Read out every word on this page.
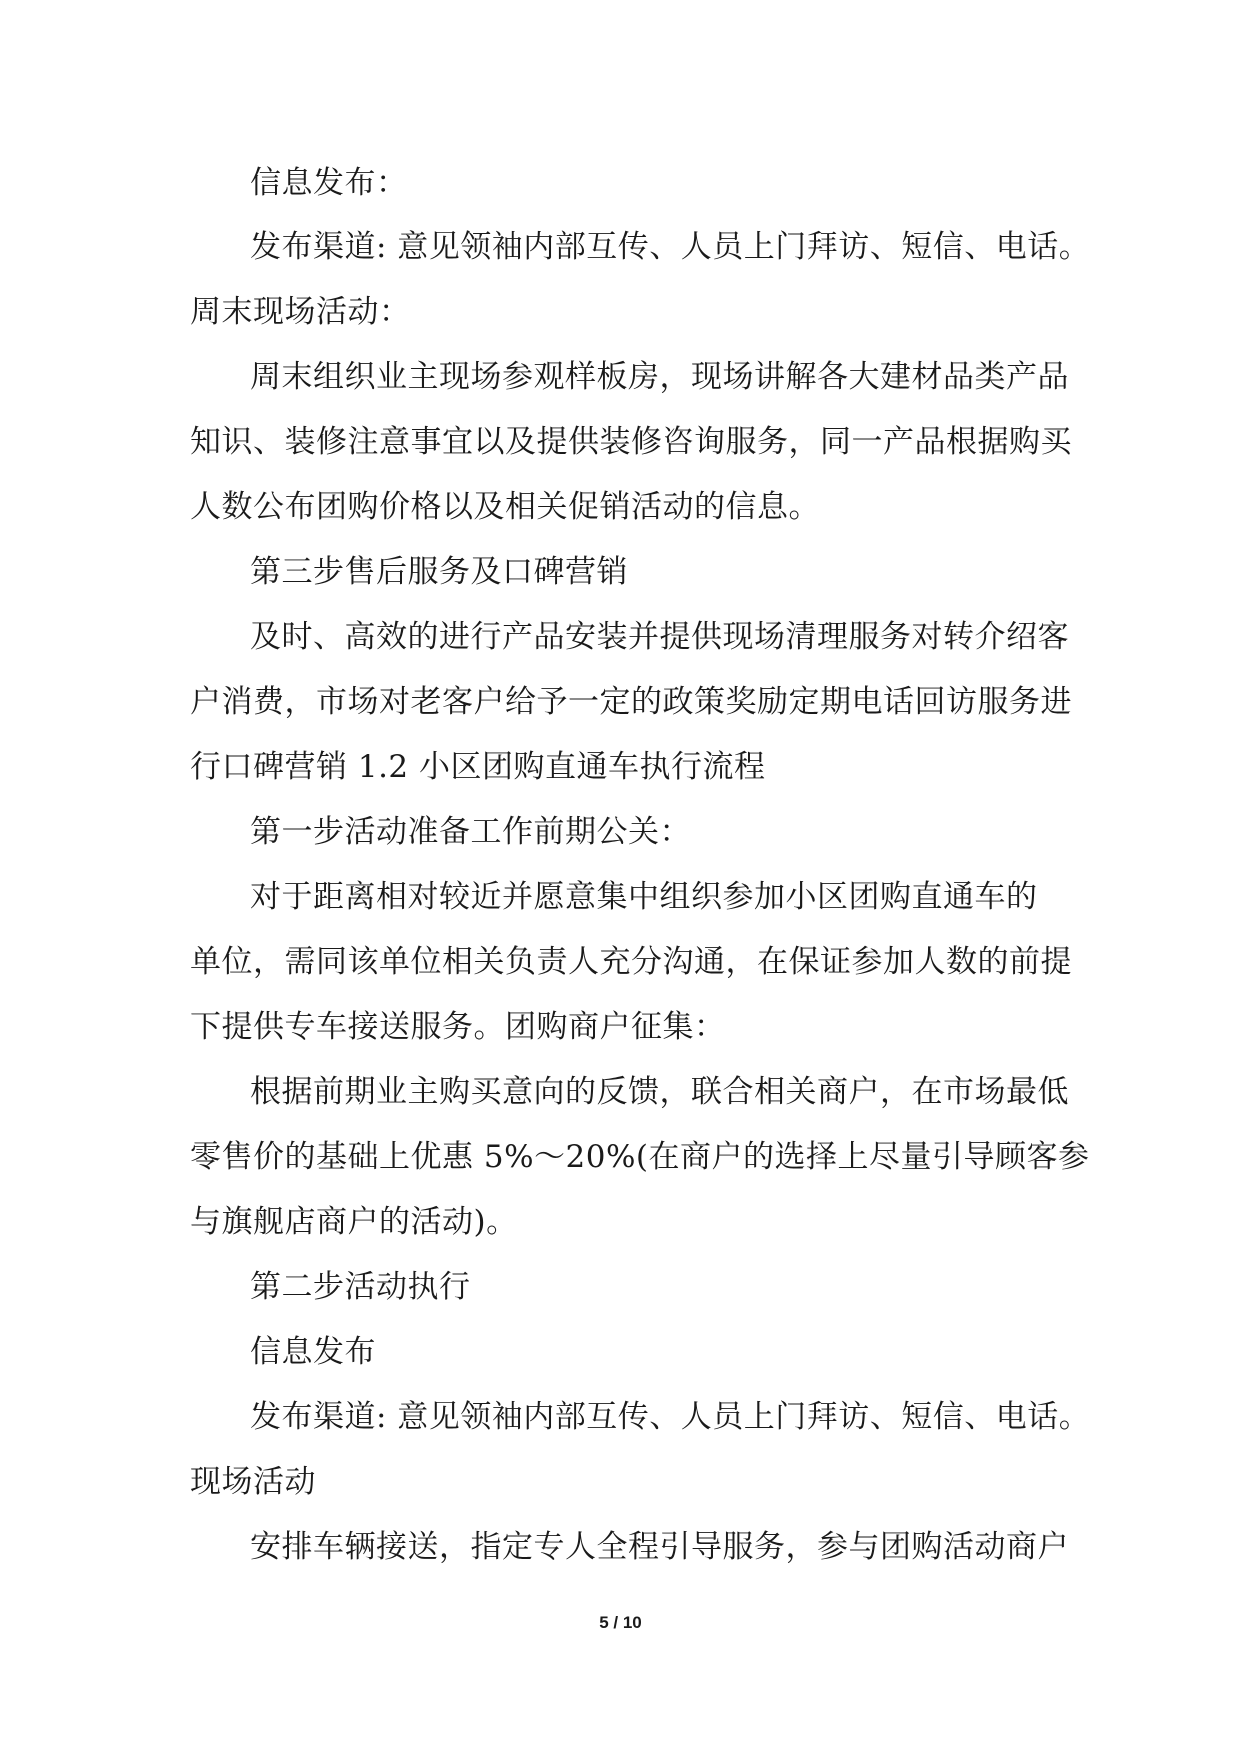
信息发布：
发布渠道: 意见领袖内部互传、人员上门拜访、短信、电话。
周末现场活动：
周末组织业主现场参观样板房，现场讲解各大建材品类产品
知识、装修注意事宜以及提供装修咨询服务，同一产品根据购买
人数公布团购价格以及相关促销活动的信息。
第三步售后服务及口碑营销
及时、高效的进行产品安装并提供现场清理服务对转介绍客
户消费，市场对老客户给予一定的政策奖励定期电话回访服务进
行口碑营销 1.2 小区团购直通车执行流程
第一步活动准备工作前期公关：
对于距离相对较近并愿意集中组织参加小区团购直通车的
单位，需同该单位相关负责人充分沟通，在保证参加人数的前提
下提供专车接送服务。团购商户征集：
根据前期业主购买意向的反馈，联合相关商户，在市场最低
零售价的基础上优惠 5%～20%(在商户的选择上尽量引导顾客参
与旗舰店商户的活动)。
第二步活动执行
信息发布
发布渠道: 意见领袖内部互传、人员上门拜访、短信、电话。
现场活动
安排车辆接送，指定专人全程引导服务，参与团购活动商户
5 / 10
